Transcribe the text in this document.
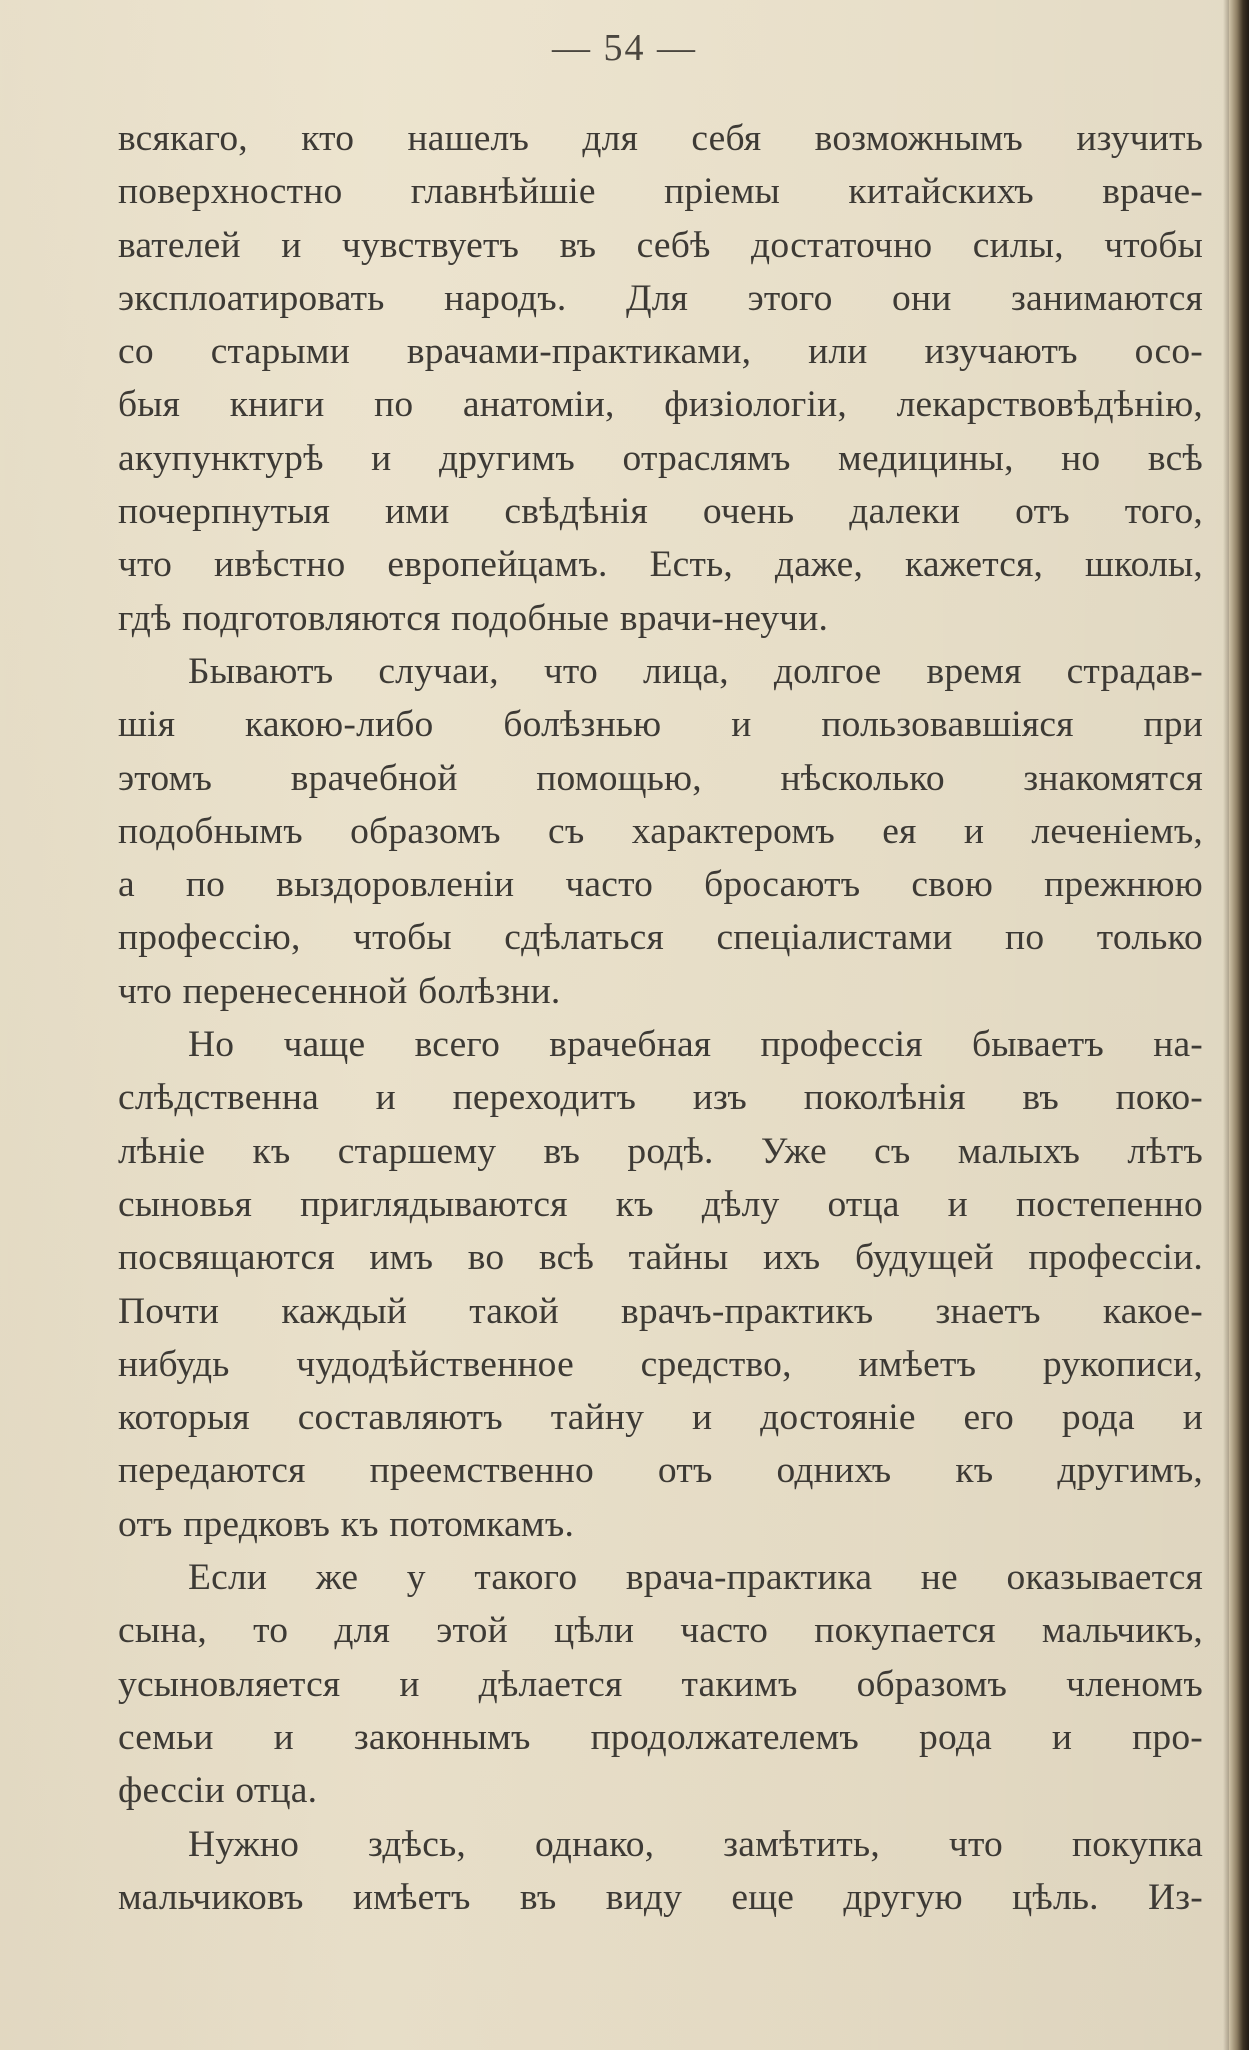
— 54 —
всякаго, кто нашелъ для себя возможнымъ изучить
поверхностно главнѣйшіе пріемы китайскихъ враче-
вателей и чувствуетъ въ себѣ достаточно силы, чтобы
эксплоатировать народъ. Для этого они занимаются
со старыми врачами-практиками, или изучаютъ осо-
быя книги по анатоміи, физіологіи, лекарствовѣдѣнію,
акупунктурѣ и другимъ отраслямъ медицины, но всѣ
почерпнутыя ими свѣдѣнія очень далеки отъ того,
что ивѣстно европейцамъ. Есть, даже, кажется, школы,
гдѣ подготовляются подобные врачи-неучи.
Бываютъ случаи, что лица, долгое время страдав-
шія какою-либо болѣзнью и пользовавшіяся при
этомъ врачебной помощью, нѣсколько знакомятся
подобнымъ образомъ съ характеромъ ея и леченіемъ,
а по выздоровленіи часто бросаютъ свою прежнюю
профессію, чтобы сдѣлаться спеціалистами по только
что перенесенной болѣзни.
Но чаще всего врачебная профессія бываетъ на-
слѣдственна и переходитъ изъ поколѣнія въ поко-
лѣніе къ старшему въ родѣ. Уже съ малыхъ лѣтъ
сыновья приглядываются къ дѣлу отца и постепенно
посвящаются имъ во всѣ тайны ихъ будущей профессіи.
Почти каждый такой врачъ-практикъ знаетъ какое-
нибудь чудодѣйственное средство, имѣетъ рукописи,
которыя составляютъ тайну и достояніе его рода и
передаются преемственно отъ однихъ къ другимъ,
отъ предковъ къ потомкамъ.
Если же у такого врача-практика не оказывается
сына, то для этой цѣли часто покупается мальчикъ,
усыновляется и дѣлается такимъ образомъ членомъ
семьи и законнымъ продолжателемъ рода и про-
фессіи отца.
Нужно здѣсь, однако, замѣтить, что покупка
мальчиковъ имѣетъ въ виду еще другую цѣль. Из-
